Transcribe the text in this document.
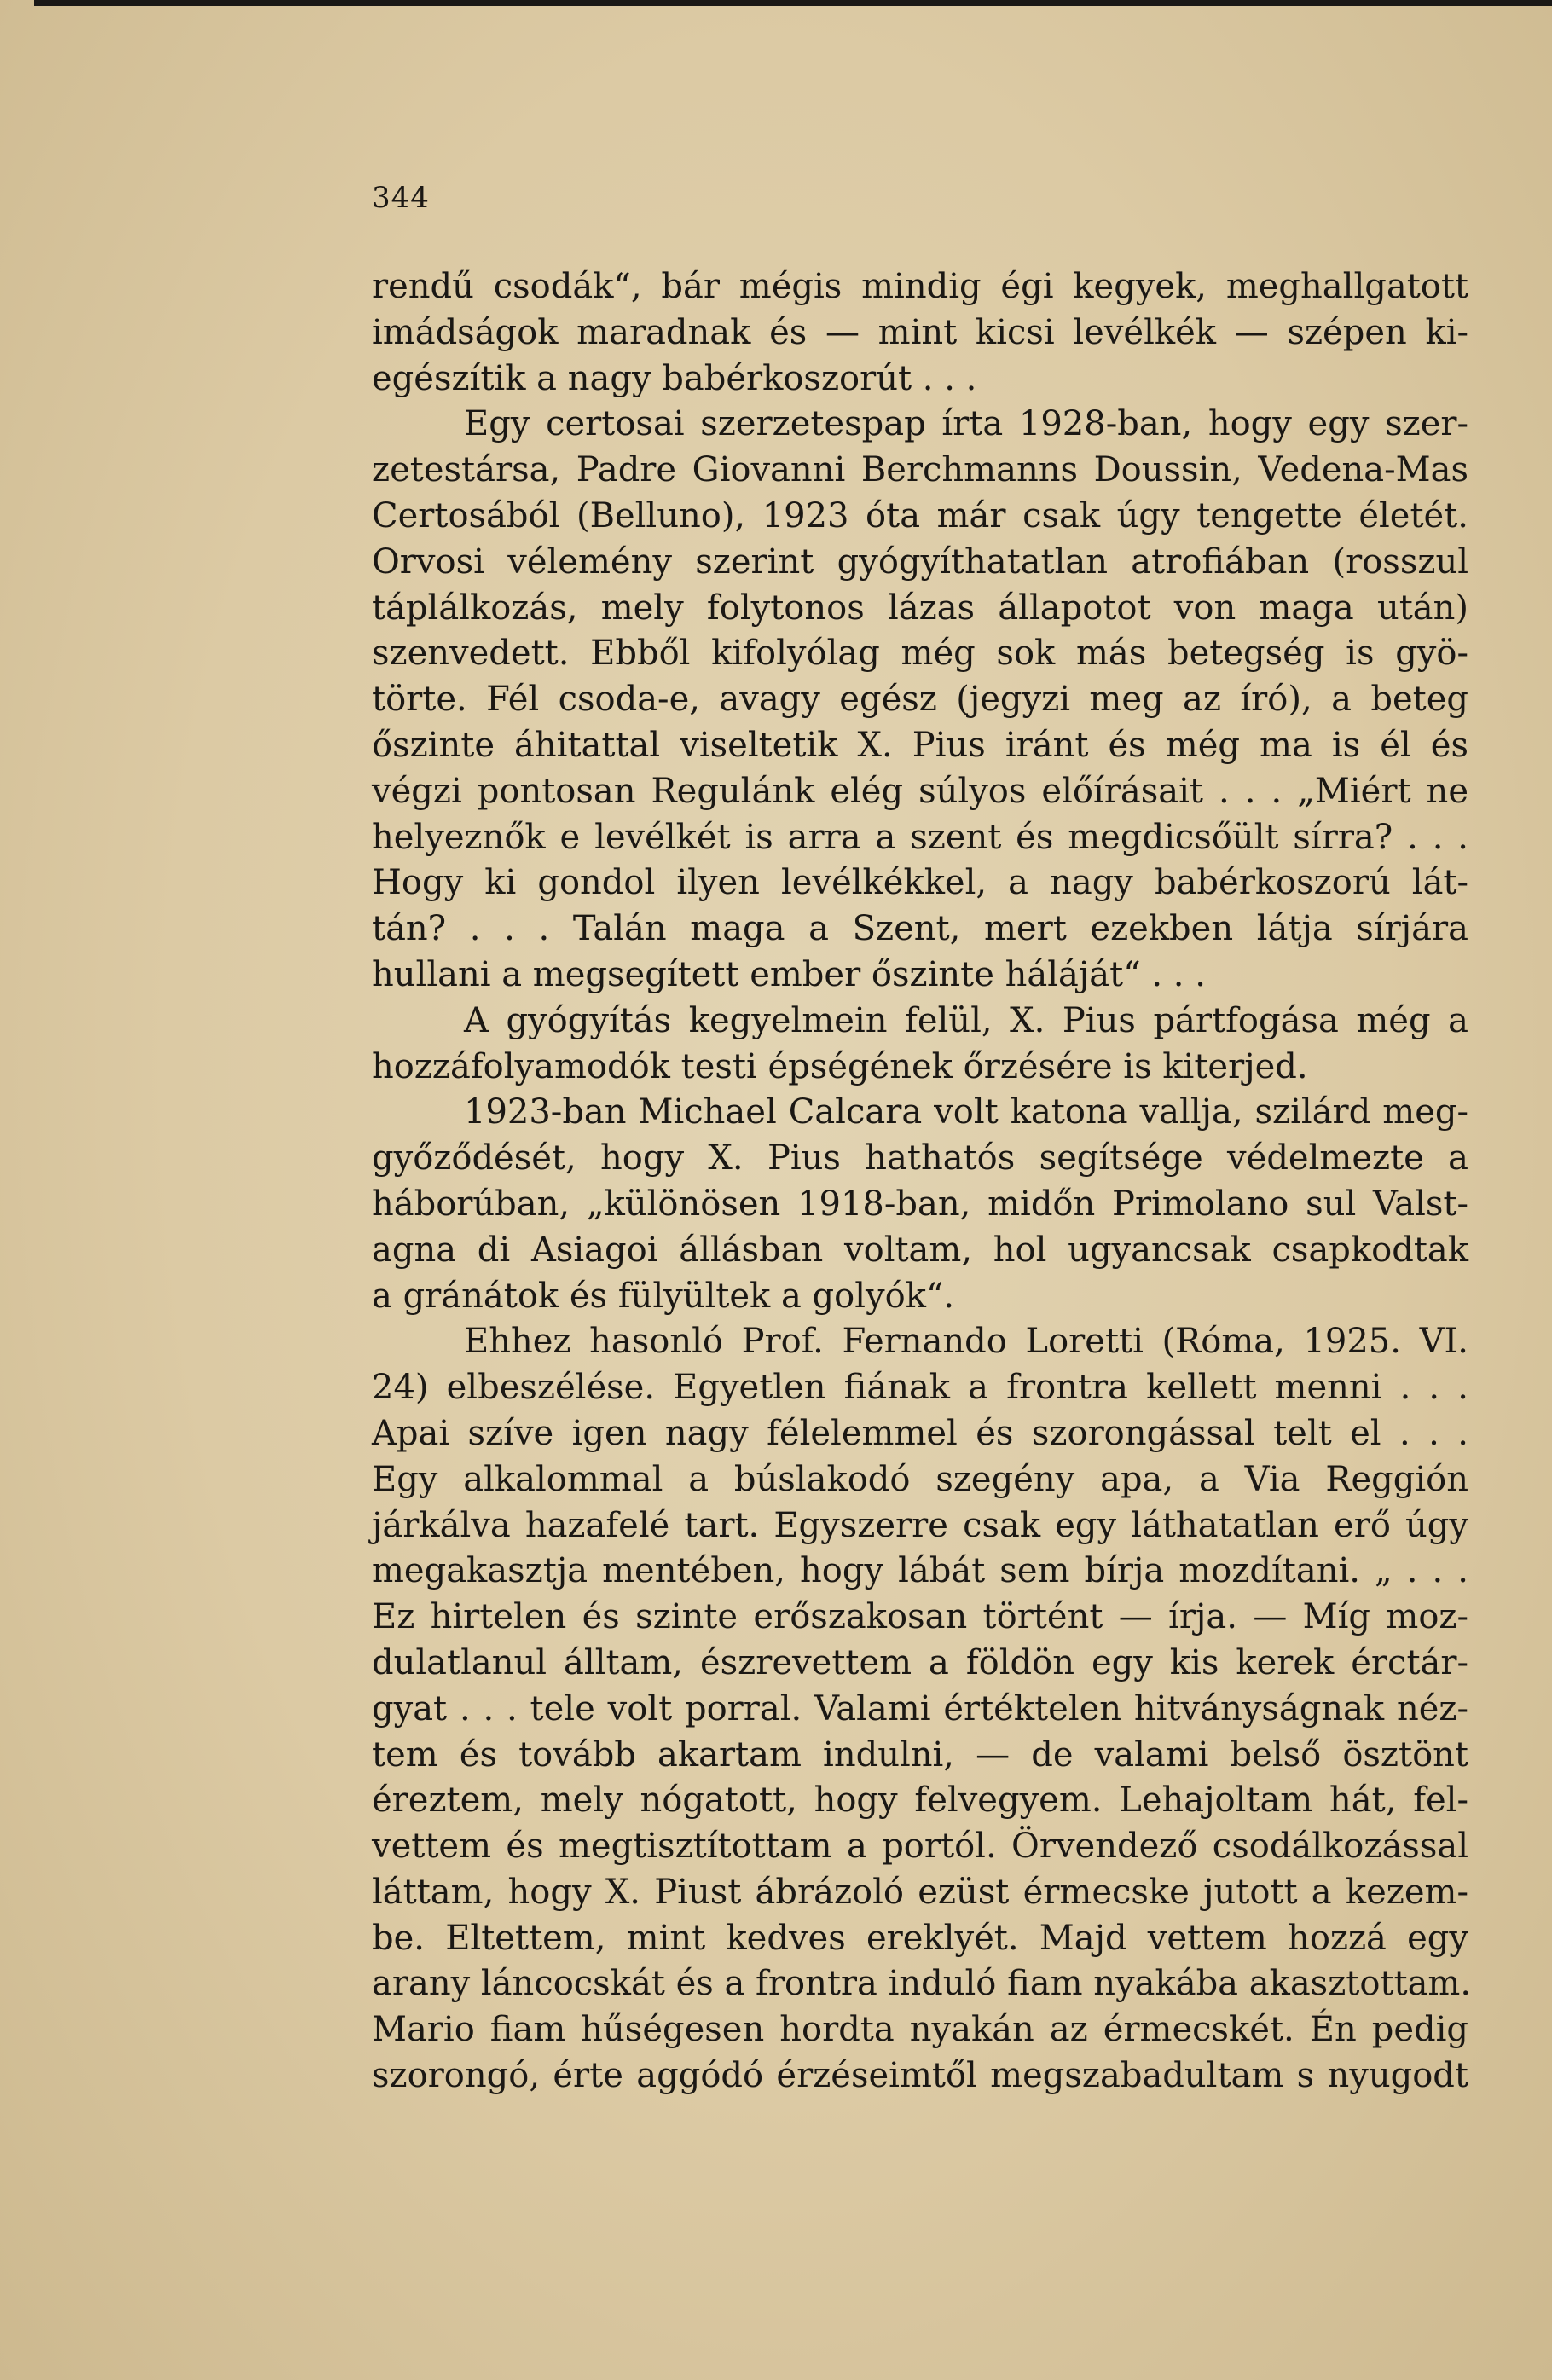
344
rendű csodák“, bár mégis mindig égi kegyek, meghallgatott
imádságok maradnak és — mint kicsi levélkék — szépen ki-
egészítik a nagy babérkoszorút . . .
Egy certosai szerzetespap írta 1928-ban, hogy egy szer-
zetestársa, Padre Giovanni Berchmanns Doussin, Vedena-Mas
Certosából (Belluno), 1923 óta már csak úgy tengette életét.
Orvosi vélemény szerint gyógyíthatatlan atrofiában (rosszul
táplálkozás, mely folytonos lázas állapotot von maga után)
szenvedett. Ebből kifolyólag még sok más betegség is gyö-
törte. Fél csoda-e, avagy egész (jegyzi meg az író), a beteg
őszinte áhitattal viseltetik X. Pius iránt és még ma is él és
végzi pontosan Regulánk elég súlyos előírásait . . . „Miért ne
helyeznők e levélkét is arra a szent és megdicsőült sírra? . . .
Hogy ki gondol ilyen levélkékkel, a nagy babérkoszorú lát-
tán? . . . Talán maga a Szent, mert ezekben látja sírjára
hullani a megsegített ember őszinte háláját“ . . .
A gyógyítás kegyelmein felül, X. Pius pártfogása még a
hozzáfolyamodók testi épségének őrzésére is kiterjed.
1923-ban Michael Calcara volt katona vallja, szilárd meg-
győződését, hogy X. Pius hathatós segítsége védelmezte a
háborúban, „különösen 1918-ban, midőn Primolano sul Valst-
agna di Asiagoi állásban voltam, hol ugyancsak csapkodtak
a gránátok és fülyültek a golyók“.
Ehhez hasonló Prof. Fernando Loretti (Róma, 1925. VI.
24) elbeszélése. Egyetlen fiának a frontra kellett menni . . .
Apai szíve igen nagy félelemmel és szorongással telt el . . .
Egy alkalommal a búslakodó szegény apa, a Via Reggión
járkálva hazafelé tart. Egyszerre csak egy láthatatlan erő úgy
megakasztja mentében, hogy lábát sem bírja mozdítani. „ . . .
Ez hirtelen és szinte erőszakosan történt — írja. — Míg moz-
dulatlanul álltam, észrevettem a földön egy kis kerek érctár-
gyat . . . tele volt porral. Valami értéktelen hitványságnak néz-
tem és tovább akartam indulni, — de valami belső ösztönt
éreztem, mely nógatott, hogy felvegyem. Lehajoltam hát, fel-
vettem és megtisztítottam a portól. Örvendező csodálkozással
láttam, hogy X. Piust ábrázoló ezüst érmecske jutott a kezem-
be. Eltettem, mint kedves ereklyét. Majd vettem hozzá egy
arany láncocskát és a frontra induló fiam nyakába akasztottam.
Mario fiam hűségesen hordta nyakán az érmecskét. Én pedig
szorongó, érte aggódó érzéseimtől megszabadultam s nyugodt
